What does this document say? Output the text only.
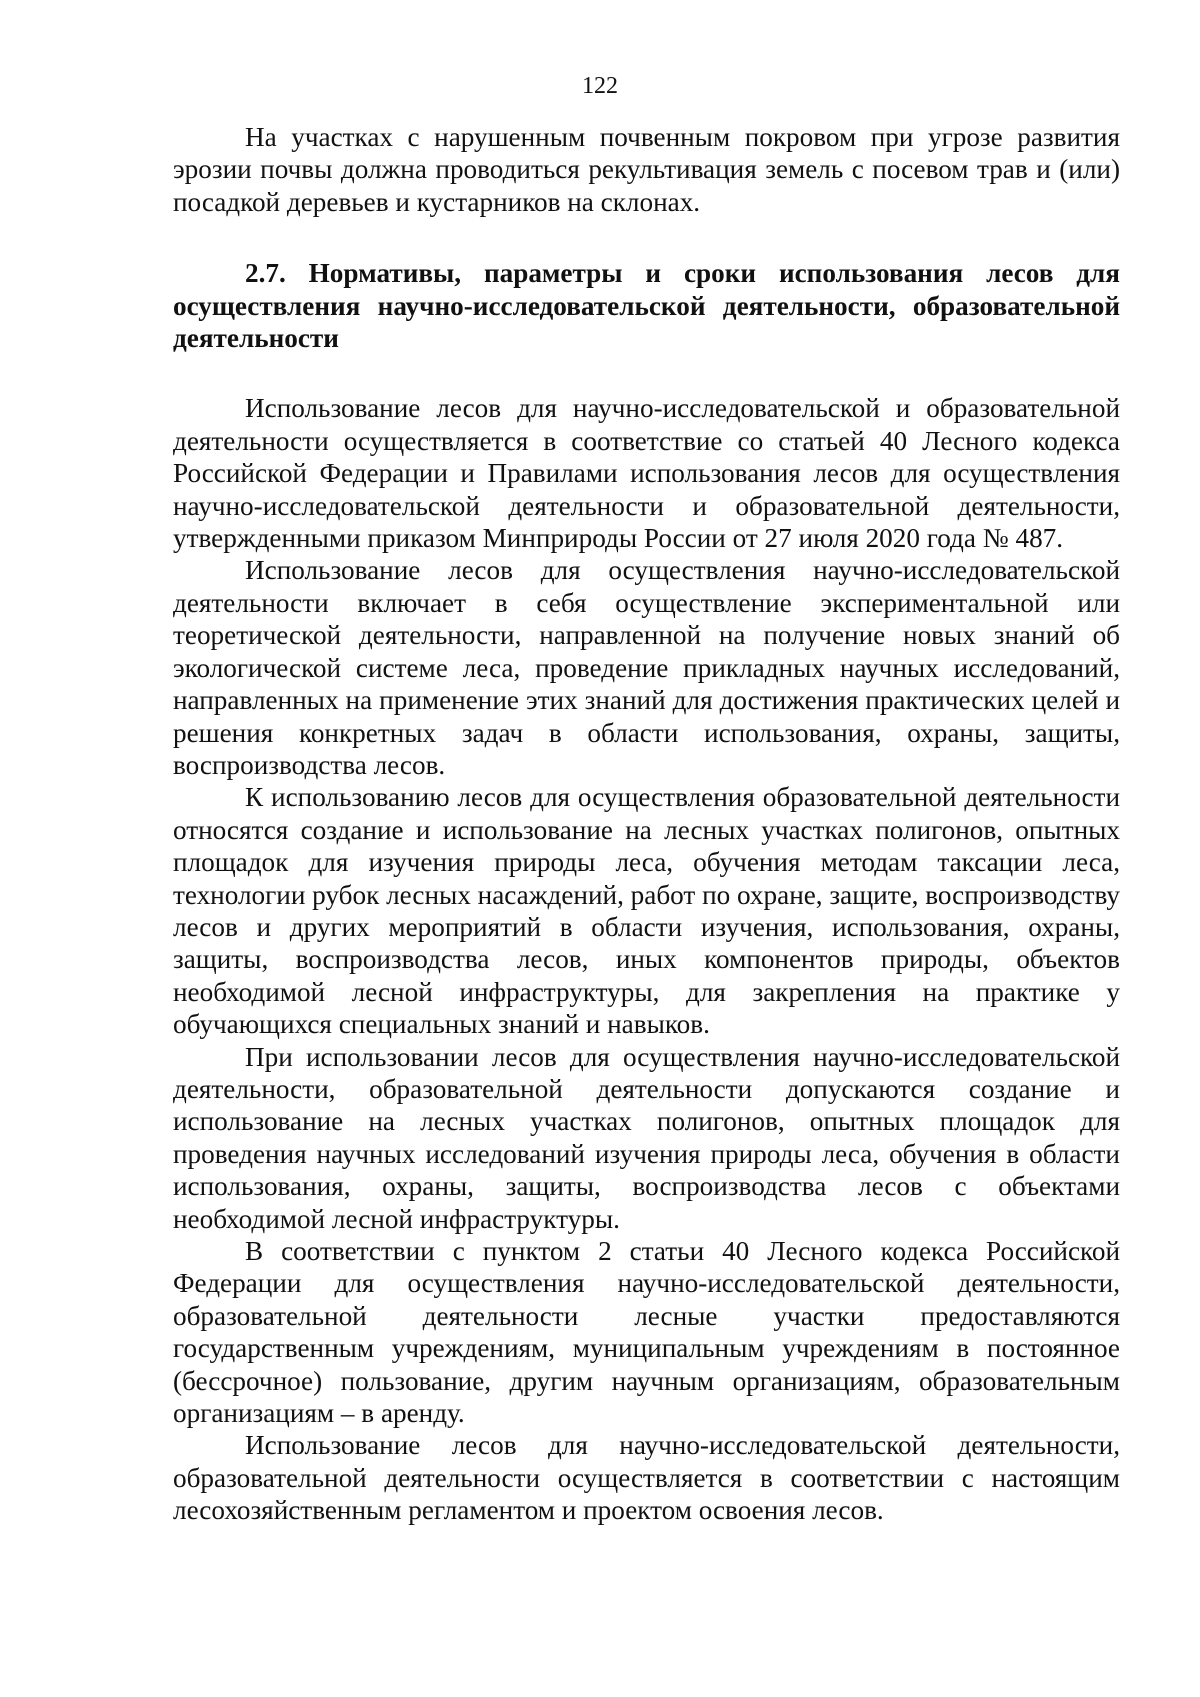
122

На участках с нарушенным почвенным покровом при угрозе развития эрозии почвы должна проводиться рекультивация земель с посевом трав и (или) посадкой деревьев и кустарников на склонах.

2.7. Нормативы, параметры и сроки использования лесов для осуществления научно-исследовательской деятельности, образовательной деятельности

Использование лесов для научно-исследовательской и образовательной деятельности осуществляется в соответствие со статьей 40 Лесного кодекса Российской Федерации и Правилами использования лесов для осуществления научно-исследовательской деятельности и образовательной деятельности, утвержденными приказом Минприроды России от 27 июля 2020 года № 487.

Использование лесов для осуществления научно-исследовательской деятельности включает в себя осуществление экспериментальной или теоретической деятельности, направленной на получение новых знаний об экологической системе леса, проведение прикладных научных исследований, направленных на применение этих знаний для достижения практических целей и решения конкретных задач в области использования, охраны, защиты, воспроизводства лесов.

К использованию лесов для осуществления образовательной деятельности относятся создание и использование на лесных участках полигонов, опытных площадок для изучения природы леса, обучения методам таксации леса, технологии рубок лесных насаждений, работ по охране, защите, воспроизводству лесов и других мероприятий в области изучения, использования, охраны, защиты, воспроизводства лесов, иных компонентов природы, объектов необходимой лесной инфраструктуры, для закрепления на практике у обучающихся специальных знаний и навыков.

При использовании лесов для осуществления научно-исследовательской деятельности, образовательной деятельности допускаются создание и использование на лесных участках полигонов, опытных площадок для проведения научных исследований изучения природы леса, обучения в области использования, охраны, защиты, воспроизводства лесов с объектами необходимой лесной инфраструктуры.

В соответствии с пунктом 2 статьи 40 Лесного кодекса Российской Федерации для осуществления научно-исследовательской деятельности, образовательной деятельности лесные участки предоставляются государственным учреждениям, муниципальным учреждениям в постоянное (бессрочное) пользование, другим научным организациям, образовательным организациям – в аренду.

Использование лесов для научно-исследовательской деятельности, образовательной деятельности осуществляется в соответствии с настоящим лесохозяйственным регламентом и проектом освоения лесов.
